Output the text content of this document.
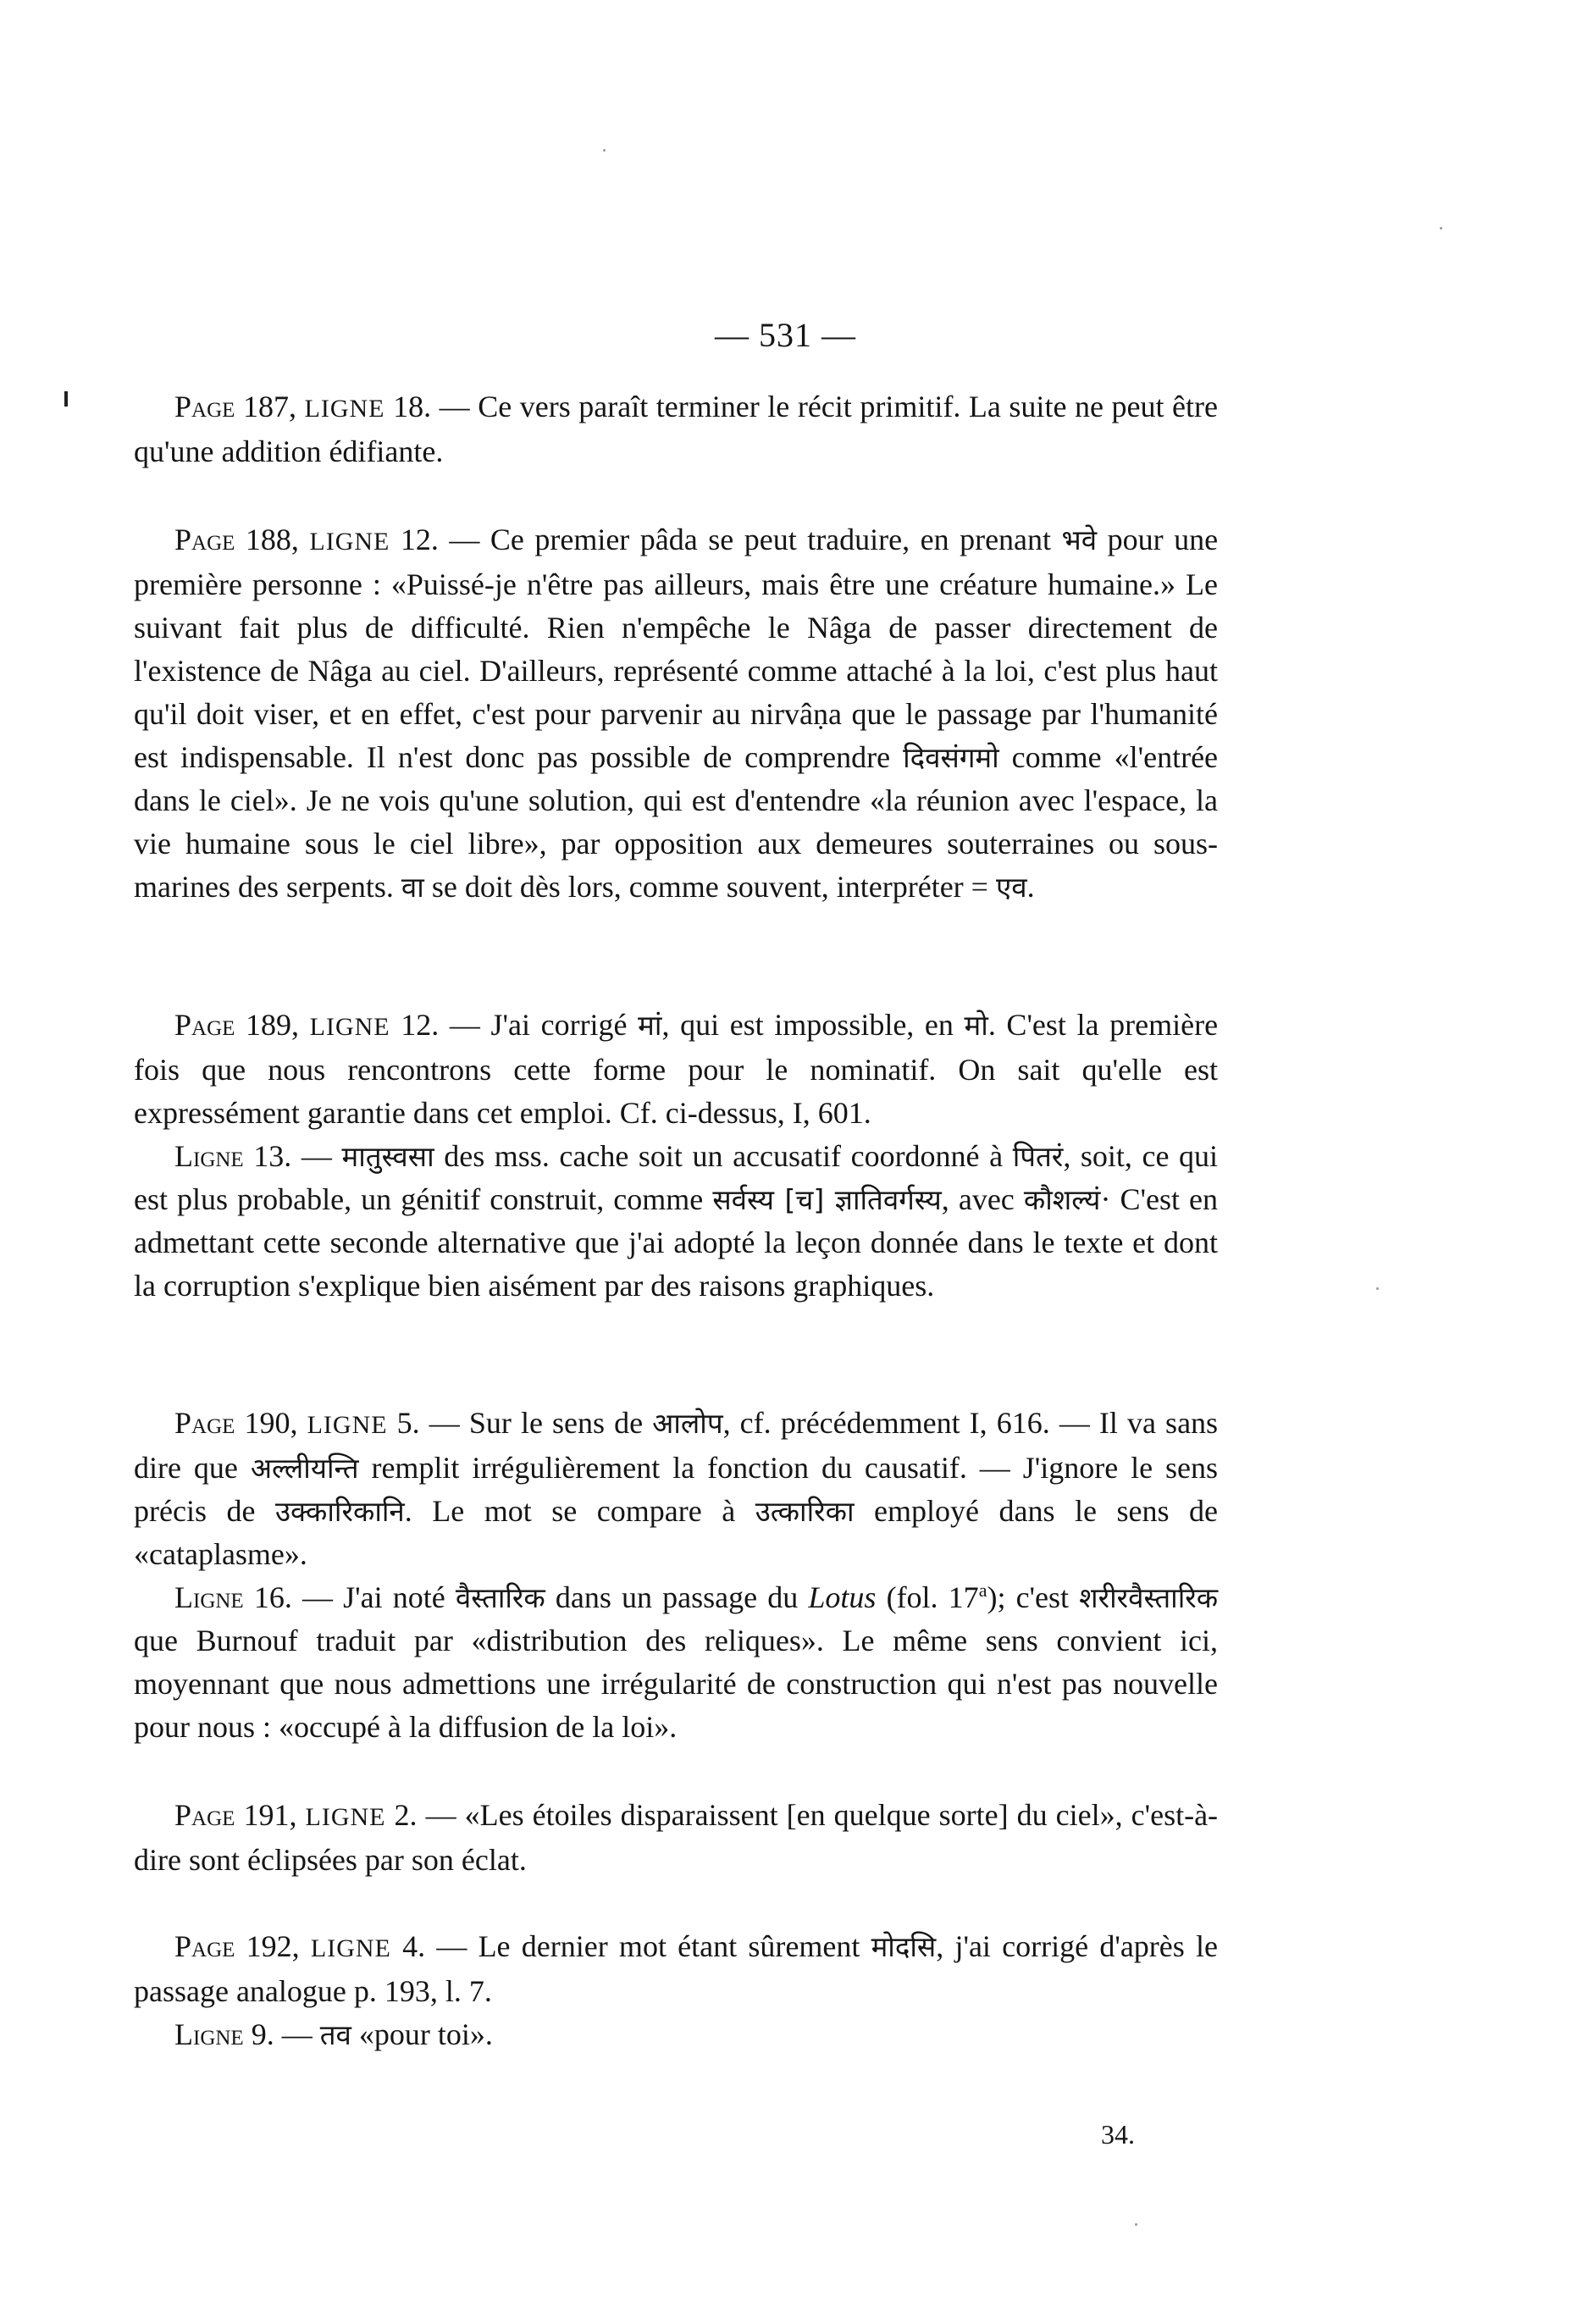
— 531 —

Page 187, LIGNE 18. — Ce vers paraît terminer le récit primitif. La suite ne peut être qu'une addition édifiante.

Page 188, LIGNE 12. — Ce premier pâda se peut traduire, en prenant भवे pour une première personne : «Puissé-je n'être pas ailleurs, mais être une créature humaine.» Le suivant fait plus de difficulté. Rien n'empêche le Nâga de passer directement de l'existence de Nâga au ciel. D'ailleurs, représenté comme attaché à la loi, c'est plus haut qu'il doit viser, et en effet, c'est pour parvenir au nirvâṇa que le passage par l'humanité est indispensable. Il n'est donc pas possible de comprendre दिवसंगमो comme «l'entrée dans le ciel». Je ne vois qu'une solution, qui est d'entendre «la réunion avec l'espace, la vie humaine sous le ciel libre», par opposition aux demeures souterraines ou sous-marines des serpents. वा se doit dès lors, comme souvent, interpréter = एव.

Page 189, LIGNE 12. — J'ai corrigé मां, qui est impossible, en मो. C'est la première fois que nous rencontrons cette forme pour le nominatif. On sait qu'elle est expressément garantie dans cet emploi. Cf. ci-dessus, I, 601.

Ligne 13. — मातुस्वसा des mss. cache soit un accusatif coordonné à पितरं, soit, ce qui est plus probable, un génitif construit, comme सर्वस्य [च] ज्ञातिवर्गस्य, avec कौशल्यं· C'est en admettant cette seconde alternative que j'ai adopté la leçon donnée dans le texte et dont la corruption s'explique bien aisément par des raisons graphiques.

Page 190, LIGNE 5. — Sur le sens de आलोप, cf. précédemment I, 616. — Il va sans dire que अल्लीयन्ति remplit irrégulièrement la fonction du causatif. — J'ignore le sens précis de उक्कारिकानि. Le mot se compare à उत्कारिका employé dans le sens de «cataplasme».

Ligne 16. — J'ai noté वैस्तारिक dans un passage du Lotus (fol. 17$^a$); c'est शरीरवैस्तारिक que Burnouf traduit par «distribution des reliques». Le même sens convient ici, moyennant que nous admettions une irrégularité de construction qui n'est pas nouvelle pour nous : «occupé à la diffusion de la loi».

Page 191, LIGNE 2. — «Les étoiles disparaissent [en quelque sorte] du ciel», c'est-à-dire sont éclipsées par son éclat.

Page 192, LIGNE 4. — Le dernier mot étant sûrement मोदसि, j'ai corrigé d'après le passage analogue p. 193, l. 7.

Ligne 9. — तव «pour toi».

34.
